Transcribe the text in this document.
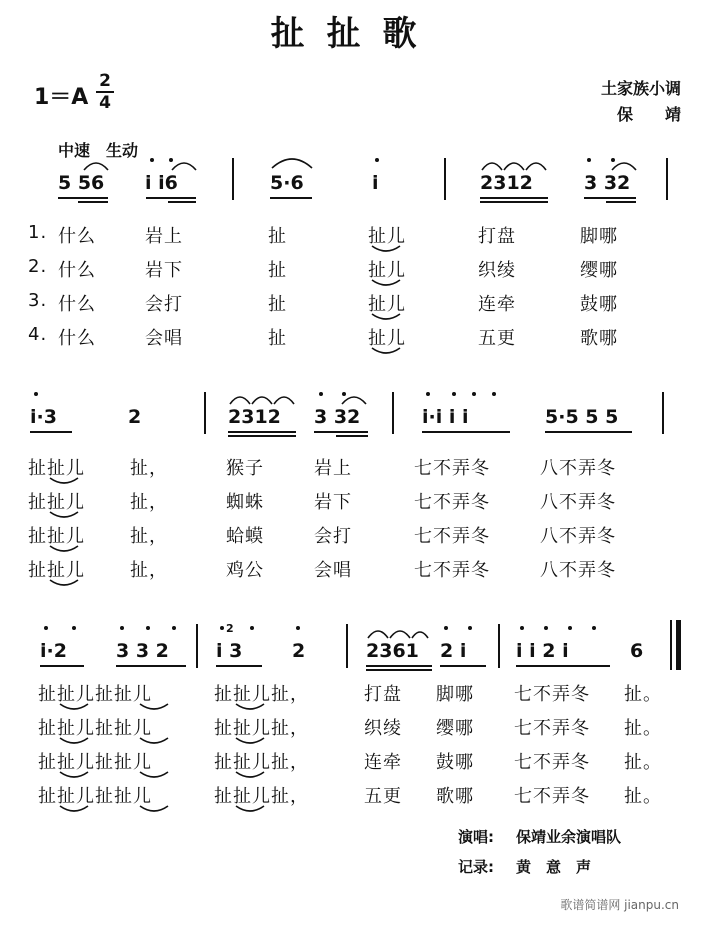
扯扯歌
1＝A
2
4
土家族小调
保　　靖
中速　生动
5 56 i i6	5·6	i	2312	3 32
1. 什么	岩上	扯	扯儿	打盘	脚哪
2. 什么	岩下	扯	扯儿	织绫	缨哪
3. 什么	会打	扯	扯儿	连牵	鼓哪
4. 什么	会唱	扯	扯儿	五更	歌哪
i·3	2	2312 3 32	i·i i i	5·5 5 5
扯扯儿	扯，	猴子	岩上	七不弄冬	八不弄冬
扯扯儿	扯，	蜘蛛	岩下	七不弄冬	八不弄冬
扯扯儿	扯，	蛤蟆	会打	七不弄冬	八不弄冬
扯扯儿	扯，	鸡公	会唱	七不弄冬	八不弄冬
i·2	3 3 2
2
i 3	2	2361 2 i	i i 2 i	6
扯扯儿扯扯儿	扯扯儿扯，	打盘 脚哪 七不弄冬 扯。
扯扯儿扯扯儿	扯扯儿扯，	织绫 缨哪 七不弄冬 扯。
扯扯儿扯扯儿	扯扯儿扯，	连牵 鼓哪 七不弄冬 扯。
扯扯儿扯扯儿	扯扯儿扯，	五更 歌哪 七不弄冬 扯。
演唱: 保靖业余演唱队
记录: 黄　意　声
歌谱简谱网 jianpu.cn
